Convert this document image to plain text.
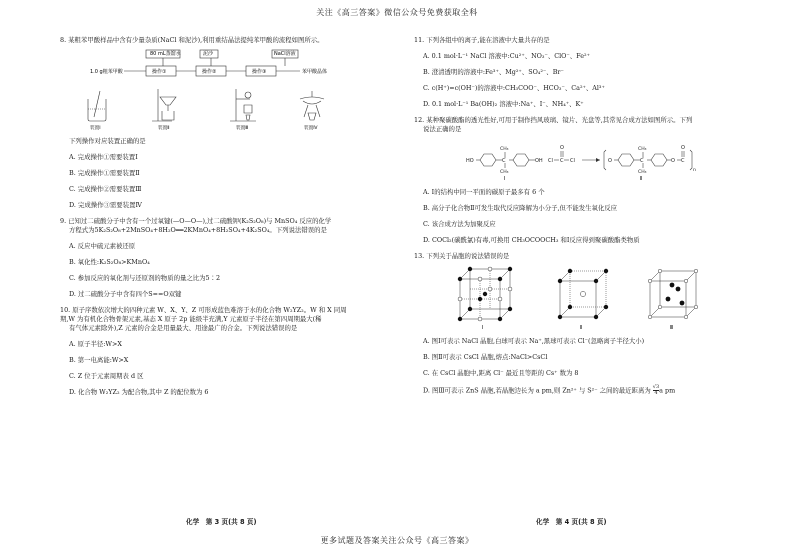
关注《高三答案》微信公众号免费获取全科
8. 某粗苯甲酸样品中含有少量杂质(NaCl 和泥沙),利用重结晶法提纯苯甲酸的流程如图所示。
80 mL蒸馏水
1.0 g粗苯甲酸	操作①	操作②
泥沙
操作③
NaCl溶液
苯甲酸晶体
装置Ⅰ	装置Ⅱ	装置Ⅲ	装置Ⅳ
下列操作对应装置正确的是
A. 完成操作①需要装置Ⅰ
B. 完成操作①需要装置Ⅱ
C. 完成操作②需要装置Ⅲ
D. 完成操作③需要装置Ⅳ
9. 已知过二硫酸分子中含有一个过氧键(—O—O—),过二硫酸钾(K₂S₂O₈)与 MnSO₄ 反应的化学
方程式为5K₂S₂O₈+2MnSO₄+8H₂O══2KMnO₄+8H₂SO₄+4K₂SO₄。下列说法错误的是
A. 反应中硫元素被还原
B. 氧化性:K₂S₂O₈>KMnO₄
C. 参加反应的氧化剂与还原剂的物质的量之比为5∶2
D. 过二硫酸分子中含有四个S==O双键
10. 原子序数依次增大的四种元素 W、X、Y、Z 可形成蓝色难溶于水的化合物 W₂YZ₂。W 和 X 同周
期,W 为有机化合物骨架元素,基态 X 原子 2p 能级半充满,Y 元素原子半径在第四周期最大(稀
有气体元素除外),Z 元素的合金是用量最大、用途最广的合金。下列说法错误的是
A. 原子半径:W>X
B. 第一电离能:W>X
C. Z 位于元素周期表 d 区
D. 化合物 W₂YZ₂ 为配合物,其中 Z 的配位数为 6
化学　第 3 页(共 8 页)
11. 下列各组中的离子,能在溶液中大量共存的是
A. 0.1 mol·L⁻¹ NaCl 溶液中:Cu²⁺、NO₃⁻、ClO⁻、Fe²⁺
B. 澄清透明的溶液中:Fe³⁺、Mg²⁺、SO₄²⁻、Br⁻
C. c(H⁺)=c(OH⁻)的溶液中:CH₃COO⁻、HCO₃⁻、Ca²⁺、Al³⁺
D. 0.1 mol·L⁻¹ Ba(OH)₂ 溶液中:Na⁺、I⁻、NH₄⁺、K⁺
12. 某种聚碳酸酯的透光性好,可用于制作挡风玻璃、镜片、光盘等,其常见合成方法如图所示。下列
说法正确的是
HO
CH₃
C
CH₃
OH
Ⅰ
Cl C Cl
O
O
CH₃
C
CH₃
O C
O
n
Ⅱ
A. Ⅰ的结构中同一平面的碳原子最多有 6 个
B. 高分子化合物Ⅱ可发生取代反应降解为小分子,但不能发生氧化反应
C. 该合成方法为加聚反应
D. COCl₂(碳酰氯)有毒,可换用 CH₃OCOOCH₃ 和Ⅰ反应得到聚碳酸酯类物质
13. 下列关于晶胞的说法错误的是
Ⅰ	Ⅱ	Ⅲ
A. 图Ⅰ可表示 NaCl 晶胞,白球可表示 Na⁺,黑球可表示 Cl⁻(忽略离子半径大小)
B. 图Ⅱ可表示 CsCl 晶胞,熔点:NaCl>CsCl
C. 在 CsCl 晶胞中,距离 Cl⁻ 最近且等距的 Cs⁺ 数为 8
D. 图Ⅲ可表示 ZnS 晶胞,若晶胞边长为 a pm,则 Zn²⁺ 与 S²⁻ 之间的最近距离为 $\frac{√3}{4}$ a pm
化学　第 4 页(共 8 页)
更多试题及答案关注公众号《高三答案》
